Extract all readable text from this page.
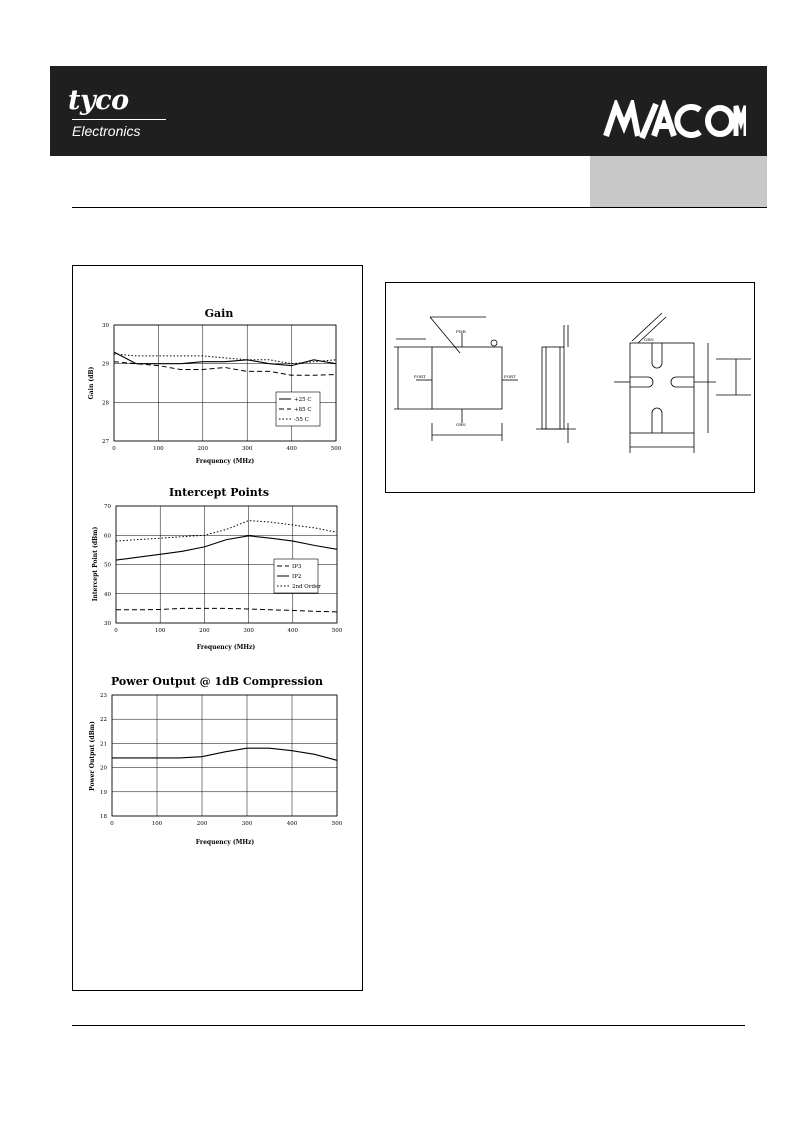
tyco
Electronics
Gain
27
28
29
30
0	100	200	300	400	500
Frequency (MHz)
Gain (dB)
+25 C
+85 C
-55 C
Intercept Points
30
40
50
60
70
0	100	200	300	400	500
Frequency (MHz)
Intercept Point (dBm)	IP3
IP2
2nd Order
Power Output @ 1dB Compression
18
19
20
21
22
23
0	100	200	300	400	500
Frequency (MHz)
Power Output (dBm)
PWR
PORT	PORT
GRN
GRN
